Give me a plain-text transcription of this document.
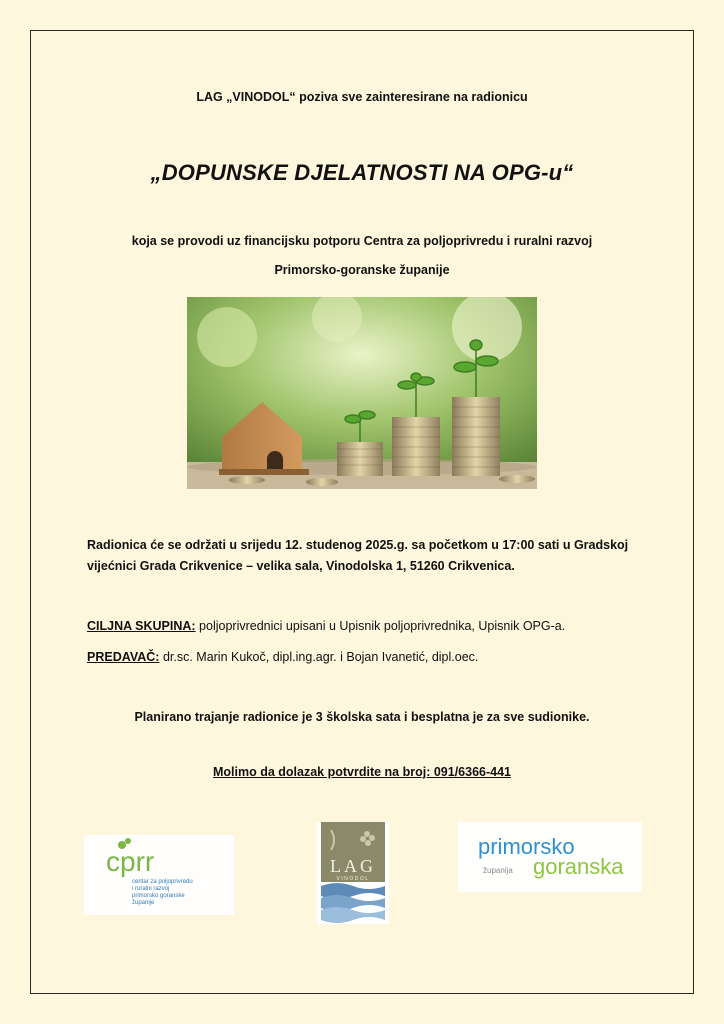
LAG „VINODOL“ poziva sve zainteresirane na radionicu
„DOPUNSKE DJELATNOSTI NA OPG-u“
koja se provodi uz financijsku potporu Centra za poljoprivredu i ruralni razvoj
Primorsko-goranske županije
Radionica će se održati u srijedu 12. studenog 2025.g. sa početkom u 17:00 sati u Gradskoj
vijećnici Grada Crikvenice – velika sala, Vinodolska 1, 51260 Crikvenica.
CILJNA SKUPINA: poljoprivrednici upisani u Upisnik poljoprivrednika, Upisnik OPG-a.
PREDAVAČ: dr.sc. Marin Kukoč, dipl.ing.agr. i Bojan Ivanetić, dipl.oec.
Planirano trajanje radionice je 3 školska sata i besplatna je za sve sudionike.
Molimo da dolazak potvrdite na broj: 091/6366-441
cprr
centar za poljoprivredu
i ruralni razvoj
primorsko goranske
županije
LAG
VINODOL
primorsko
goranska
županija
